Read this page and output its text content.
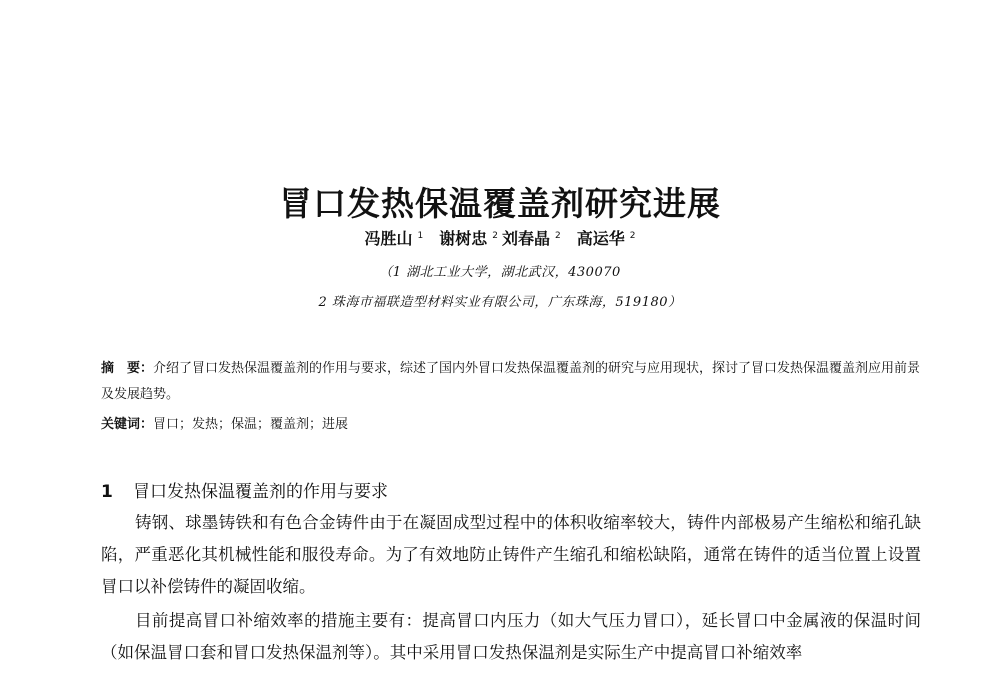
冒口发热保温覆盖剂研究进展
冯胜山 $^1$ 谢树忠 $^2$ 刘春晶 $^2$ 高运华 $^2$
（1 湖北工业大学，湖北武汉，430070
2 珠海市福联造型材料实业有限公司，广东珠海，519180）

摘　要：介绍了冒口发热保温覆盖剂的作用与要求，综述了国内外冒口发热保温覆盖剂的研究与应用现状，探讨了冒口发热保温覆盖剂应用前景及发展趋势。

关键词：冒口；发热；保温；覆盖剂；进展

1 冒口发热保温覆盖剂的作用与要求

铸钢、球墨铸铁和有色合金铸件由于在凝固成型过程中的体积收缩率较大，铸件内部极易产生缩松和缩孔缺陷，严重恶化其机械性能和服役寿命。为了有效地防止铸件产生缩孔和缩松缺陷，通常在铸件的适当位置上设置冒口以补偿铸件的凝固收缩。

目前提高冒口补缩效率的措施主要有：提高冒口内压力（如大气压力冒口），延长冒口中金属液的保温时间（如保温冒口套和冒口发热保温剂等）。其中采用冒口发热保温剂是实际生产中提高冒口补缩效率
